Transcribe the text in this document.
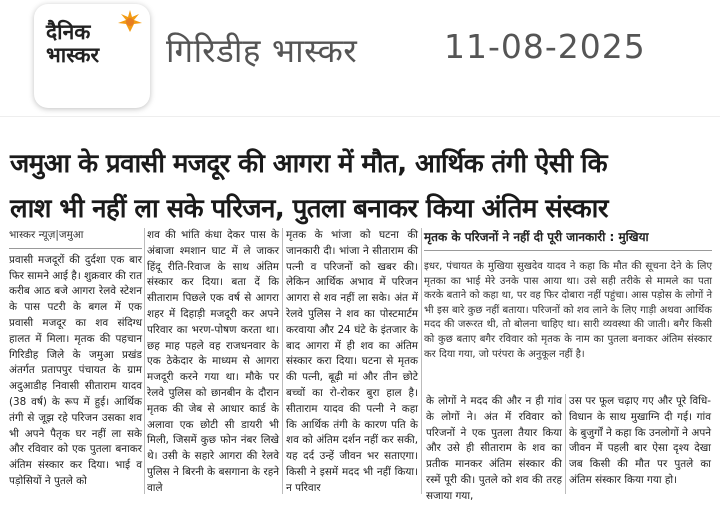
दैनिक
भास्कर	गिरिडीह भास्कर	11-08-2025
जमुआ के प्रवासी मजदूर की आगरा में मौत, आर्थिक तंगी ऐसी कि
लाश भी नहीं ला सके परिजन, पुतला बनाकर किया अंतिम संस्कार
भास्कर न्यूज़|जमुआ

प्रवासी मजदूरों की दुर्दशा एक बार फिर सामने आई है। शुक्रवार की रात करीब आठ बजे आगरा रेलवे स्टेशन के पास पटरी के बगल में एक प्रवासी मजदूर का शव संदिग्ध हालत में मिला। मृतक की पहचान गिरिडीह जिले के जमुआ प्रखंड अंतर्गत प्रतापपुर पंचायत के ग्राम अदुआडीह निवासी सीताराम यादव (38 वर्ष) के रूप में हुई। आर्थिक तंगी से जूझ रहे परिजन उसका शव भी अपने पैतृक घर नहीं ला सके और रविवार को एक पुतला बनाकर अंतिम संस्कार कर दिया। भाई व पड़ोसियों ने पुतले को

शव की भांति कंधा देकर पास के अंबाजा श्मशान घाट में ले जाकर हिंदू रीति-रिवाज के साथ अंतिम संस्कार कर दिया। बता दें कि सीताराम पिछले एक वर्ष से आगरा शहर में दिहाड़ी मजदूरी कर अपने परिवार का भरण-पोषण करता था। छह माह पहले वह राजधनवार के एक ठेकेदार के माध्यम से आगरा मजदूरी करने गया था। मौके पर रेलवे पुलिस को छानबीन के दौरान मृतक की जेब से आधार कार्ड के अलावा एक छोटी सी डायरी भी मिली, जिसमें कुछ फोन नंबर लिखे थे। उसी के सहारे आगरा की रेलवे पुलिस ने बिरनी के बसगाना के रहने वाले

मृतक के भांजा को घटना की जानकारी दी। भांजा ने सीताराम की पत्नी व परिजनों को खबर की। लेकिन आर्थिक अभाव में परिजन आगरा से शव नहीं ला सके। अंत में रेलवे पुलिस ने शव का पोस्टमार्टम करवाया और 24 घंटे के इंतजार के बाद आगरा में ही शव का अंतिम संस्कार करा दिया। घटना से मृतक की पत्नी, बूढ़ी मां और तीन छोटे बच्चों का रो-रोकर बुरा हाल है। सीताराम यादव की पत्नी ने कहा कि आर्थिक तंगी के कारण पति के शव को अंतिम दर्शन नहीं कर सकी, यह दर्द उन्हें जीवन भर सताएगा। किसी ने इसमें मदद भी नहीं किया। न परिवार

मृतक के परिजनों ने नहीं दी पूरी जानकारी : मुखिया

इधर, पंचायत के मुखिया सुखदेव यादव ने कहा कि मौत की सूचना देने के लिए मृतका का भाई मेरे उनके पास आया था। उसे सही तरीके से मामले का पता करके बताने को कहा था, पर वह फिर दोबारा नहीं पहुंचा। आस पड़ोस के लोगों ने भी इस बारे कुछ नहीं बताया। परिजनों को शव लाने के लिए गाड़ी अथवा आर्थिक मदद की जरूरत थी, तो बोलना चाहिए था। सारी व्यवस्था की जाती। बगैर किसी को कुछ बताए बगैर रविवार को मृतक के नाम का पुतला बनाकर अंतिम संस्कार कर दिया गया, जो परंपरा के अनुकूल नहीं है।

के लोगों ने मदद की और न ही गांव के लोगों ने। अंत में रविवार को परिजनों ने एक पुतला तैयार किया और उसे ही सीताराम के शव का प्रतीक मानकर अंतिम संस्कार की रस्में पूरी की। पुतले को शव की तरह सजाया गया,

उस पर फूल चढ़ाए गए और पूरे विधि-विधान के साथ मुखाग्नि दी गई। गांव के बुजुर्गों ने कहा कि उनलोगों ने अपने जीवन में पहली बार ऐसा दृश्य देखा जब किसी की मौत पर पुतले का अंतिम संस्कार किया गया हो।
